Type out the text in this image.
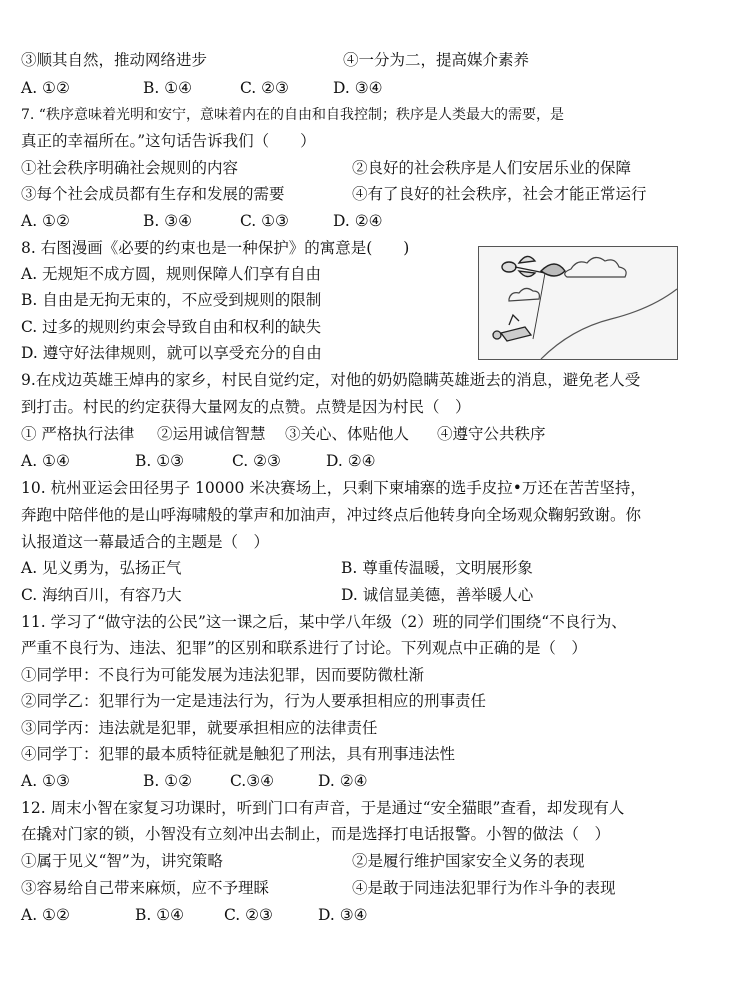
③顺其自然，推动网络进步	④一分为二，提高媒介素养
A. ①②	B. ①④	C. ②③	D. ③④
7. “秩序意味着光明和安宁，意味着内在的自由和自我控制；秩序是人类最大的需要，是
真正的幸福所在。”这句话告诉我们（　　）
①社会秩序明确社会规则的内容	②良好的社会秩序是人们安居乐业的保障
③每个社会成员都有生存和发展的需要	④有了良好的社会秩序，社会才能正常运行
A. ①②	B. ③④	C. ①③	D. ②④
8. 右图漫画《必要的约束也是一种保护》的寓意是(　　)
A. 无规矩不成方圆，规则保障人们享有自由
B. 自由是无拘无束的，不应受到规则的限制
C. 过多的规则约束会导致自由和权利的缺失
D. 遵守好法律规则，就可以享受充分的自由
9.在戍边英雄王焯冉的家乡，村民自觉约定，对他的奶奶隐瞒英雄逝去的消息，避免老人受
到打击。村民的约定获得大量网友的点赞。点赞是因为村民（　）
① 严格执行法律 ②运用诚信智慧 ③关心、体贴他人 ④遵守公共秩序
A. ①④	B. ①③	C. ②③	D. ②④
10. 杭州亚运会田径男子 10000 米决赛场上，只剩下柬埔寨的选手皮拉•万还在苦苦坚持，
奔跑中陪伴他的是山呼海啸般的掌声和加油声，冲过终点后他转身向全场观众鞠躬致谢。你
认报道这一幕最适合的主题是（　）
A. 见义勇为，弘扬正气	B. 尊重传温暖，文明展形象
C. 海纳百川，有容乃大	D. 诚信显美德，善举暖人心
11. 学习了“做守法的公民”这一课之后，某中学八年级（2）班的同学们围绕“不良行为、
严重不良行为、违法、犯罪”的区别和联系进行了讨论。下列观点中正确的是（　）
①同学甲：不良行为可能发展为违法犯罪，因而要防微杜渐
②同学乙：犯罪行为一定是违法行为，行为人要承担相应的刑事责任
③同学丙：违法就是犯罪，就要承担相应的法律责任
④同学丁：犯罪的最本质特征就是触犯了刑法，具有刑事违法性
A. ①③	B. ①② C.③④	D. ②④
12. 周末小智在家复习功课时，听到门口有声音，于是通过“安全猫眼”查看，却发现有人
在撬对门家的锁，小智没有立刻冲出去制止，而是选择打电话报警。小智的做法（　）
①属于见义“智”为，讲究策略	②是履行维护国家安全义务的表现
③容易给自己带来麻烦，应不予理睬	④是敢于同违法犯罪行为作斗争的表现
A. ①②	B. ①④	C. ②③	D. ③④
